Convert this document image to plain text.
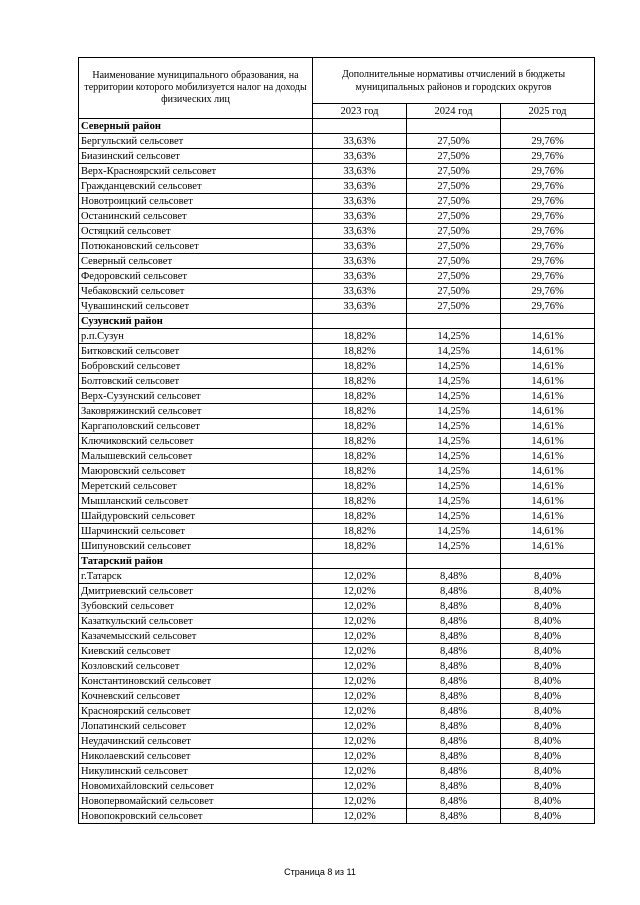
Наименование муниципального образования, на территории которого мобилизуется налог на доходы физических лиц	Дополнительные нормативы отчислений в бюджеты муниципальных районов и городских округов		
	2023 год	2024 год	2025 год
Северный район			
Бергульский сельсовет	33,63%	27,50%	29,76%
Биазинский сельсовет	33,63%	27,50%	29,76%
Верх-Красноярский сельсовет	33,63%	27,50%	29,76%
Гражданцевский сельсовет	33,63%	27,50%	29,76%
Новотроицкий сельсовет	33,63%	27,50%	29,76%
Останинский сельсовет	33,63%	27,50%	29,76%
Остяцкий сельсовет	33,63%	27,50%	29,76%
Потюкановский сельсовет	33,63%	27,50%	29,76%
Северный сельсовет	33,63%	27,50%	29,76%
Федоровский сельсовет	33,63%	27,50%	29,76%
Чебаковский сельсовет	33,63%	27,50%	29,76%
Чувашинский сельсовет	33,63%	27,50%	29,76%
Сузунский район			
р.п.Сузун	18,82%	14,25%	14,61%
Битковский сельсовет	18,82%	14,25%	14,61%
Бобровский сельсовет	18,82%	14,25%	14,61%
Болтовский сельсовет	18,82%	14,25%	14,61%
Верх-Сузунский сельсовет	18,82%	14,25%	14,61%
Заковряжинский сельсовет	18,82%	14,25%	14,61%
Каргаполовский сельсовет	18,82%	14,25%	14,61%
Ключиковский сельсовет	18,82%	14,25%	14,61%
Малышевский сельсовет	18,82%	14,25%	14,61%
Маюровский сельсовет	18,82%	14,25%	14,61%
Меретский сельсовет	18,82%	14,25%	14,61%
Мышланский сельсовет	18,82%	14,25%	14,61%
Шайдуровский сельсовет	18,82%	14,25%	14,61%
Шарчинский сельсовет	18,82%	14,25%	14,61%
Шипуновский сельсовет	18,82%	14,25%	14,61%
Татарский район			
г.Татарск	12,02%	8,48%	8,40%
Дмитриевский сельсовет	12,02%	8,48%	8,40%
Зубовский сельсовет	12,02%	8,48%	8,40%
Казаткульский сельсовет	12,02%	8,48%	8,40%
Казачемысский сельсовет	12,02%	8,48%	8,40%
Киевский сельсовет	12,02%	8,48%	8,40%
Козловский сельсовет	12,02%	8,48%	8,40%
Константиновский сельсовет	12,02%	8,48%	8,40%
Кочневский сельсовет	12,02%	8,48%	8,40%
Красноярский сельсовет	12,02%	8,48%	8,40%
Лопатинский сельсовет	12,02%	8,48%	8,40%
Неудачинский сельсовет	12,02%	8,48%	8,40%
Николаевский сельсовет	12,02%	8,48%	8,40%
Никулинский сельсовет	12,02%	8,48%	8,40%
Новомихайловский сельсовет	12,02%	8,48%	8,40%
Новопервомайский сельсовет	12,02%	8,48%	8,40%
Новопокровский сельсовет	12,02%	8,48%	8,40%
Страница 8 из 11
